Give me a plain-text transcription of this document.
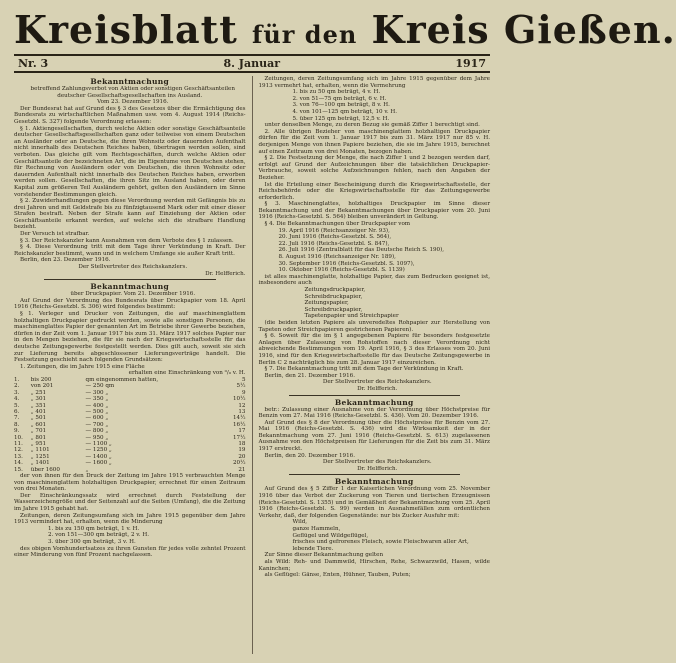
Kreisblatt für den Kreis Gießen.
Nr. 3	8. Januar	1917
Bekanntmachung

betreffend Zahlungsverbot von Aktien oder sonstigen Geschäftsanteilen deutscher Gesellschaftsgesellschaften ins Ausland.

Vom 23. Dezember 1916.

Der Bundesrat hat auf Grund des § 3 des Gesetzes über die Ermächtigung des Bundesrats zu wirtschaftlichen Maßnahmen usw. vom 4. August 1914 (Reichs-Gesetzbl. S. 327) folgende Verordnung erlassen:

§ 1. Aktiengesellschaften, durch welche Aktien oder sonstige Geschäftsanteile deutscher Gesellschaftsgesellschaften ganz oder teilweise von einem Deutschen an Ausländer oder an Deutsche, die ihren Wohnsitz oder dauernden Aufenthalt nicht innerhalb des Deutschen Reiches haben, übertragen werden sollen, sind verboten. Das gleiche gilt vom Rechtsgeschäften, durch welche Aktien oder Geschäftsanteile der bezeichneten Art, die im Eigentume von Deutschen stehen, für Rechnung von Ausländern oder von Deutschen, die ihren Wohnsitz oder dauernden Aufenthalt nicht innerhalb des Deutschen Reiches haben, erworben werden sollen. Gesellschaften, die ihren Sitz im Ausland haben, oder deren Kapital zum größeren Teil Ausländern gehört, gelten den Ausländern im Sinne vorstehender Bestimmungen gleich.

§ 2. Zuwiderhandlungen gegen diese Verordnung werden mit Gefängnis bis zu drei Jahren und mit Geldstrafe bis zu fünfzigtausend Mark oder mit einer dieser Strafen bestraft. Neben der Strafe kann auf Einziehung der Aktien oder Geschäftsanteile erkannt werden, auf welche sich die strafbare Handlung bezieht.

Der Versuch ist strafbar.

§ 3. Der Reichskanzler kann Ausnahmen von dem Verbote des § 1 zulassen.

§ 4. Diese Verordnung tritt mit dem Tage ihrer Verkündung in Kraft. Der Reichskanzler bestimmt, wann und in welchem Umfange sie außer Kraft tritt.

Berlin, den 23. Dezember 1916.

Der Stellvertreter des Reichskanzlers.

Dr. Helfferich.

Bekanntmachung

über Druckpapier. Vom 21. Dezember 1916.

Auf Grund der Verordnung des Bundesrats über Druckpapier vom 18. April 1916 (Reichs-Gesetzbl. S. 306) wird folgendes bestimmt:

§ 1. Verleger und Drucker von Zeitungen, die auf maschinenglattem holzhaltigen Druckpapier gedruckt werden, sowie alle sonstigen Personen, die maschinenglattes Papier der genannten Art im Betriebe ihrer Gewerbe beziehen, dürfen in der Zeit vom 1. Januar 1917 bis zum 31. März 1917 solches Papier nur in den Mengen beziehen, die für sie nach der Kriegswirtschaftsstelle für das deutsche Zeitungsgewerbe festgestellt werden. Dies gilt auch, soweit sie sich zur Lieferung bereits abgeschlossener Lieferungsverträge handelt. Die Festsetzung geschieht nach folgenden Grundsätzen:

1. Zeitungen, die im Jahre 1915 eine Fläche

erhalten eine Einschränkung von ⁰/₀ v. H.

1.	bis 200	qm eingenommen hatten,	5
2.	von 201	— 250 qm	5½
3.	„ 251	— 300 „	9
4.	„ 301	— 350 „	10½
5.	„ 351	— 400 „	12
6.	„ 401	— 500 „	13
7.	„ 501	— 600 „	14½
8.	„ 601	— 700 „	16½
9.	„ 701	— 800 „	17
10.	„ 801	— 950 „	17½
11.	„ 951	— 1100 „	18
12.	„ 1101	— 1250 „	19
13.	„ 1251	— 1400 „	20
14.	„ 1401	— 1600 „	20½
15.	über 1600	„	21

der von ihnen für den Druck der Zeitung im Jahre 1915 verbrauchten Menge von maschinenglattem holzhaltigen Druckpapier, errechnet für einen Zeitraum von drei Monaten.

Der Einschränkungssatz wird errechnet durch Feststellung der Wasserzeichengröße und der Seitenzahl auf die Seiten (Umfang), die die Zeitung im Jahre 1915 gehabt hat.

Zeitungen, deren Zeitungsumfang sich im Jahre 1915 gegenüber dem Jahre 1913 vermindert hat, erhalten, wenn die Minderung

1. bis zu 150 qm beträgt, 1 v. H.

2. von 151—300 qm beträgt, 2 v. H.

3. über 300 qm beträgt, 3 v. H.

des obigen Vomhundertsatzes zu ihren Gunsten für jedes volle zehntel Prozent einer Minderung von fünf Prozent nachgelassen.

Zeitungen, deren Zeitungsumfang sich im Jahre 1915 gegenüber dem Jahre 1913 vermehrt hat, erhalten, wenn die Vermehrung

1. bis zu 50 qm beträgt, 4 v. H.

2. von 51—75 qm beträgt, 6 v. H.

3. von 76—100 qm beträgt, 8 v. H.

4. von 101—125 qm beträgt, 10 v. H.

5. über 125 qm beträgt, 12,5 v. H.

unter denselben Menge, zu deren Bezug sie gemäß Ziffer 1 berechtigt sind.

2. Alle übrigen Bezieher von maschinenglattem holzhaltigen Druckpapier dürfen für die Zeit vom 1. Januar 1917 bis zum 31. März 1917 nur 85 v. H. derjenigen Menge von ihnen Papiere beziehen, die sie im Jahre 1915, berechnet auf einen Zeitraum von drei Monaten, bezogen haben.

§ 2. Die Festsetzung der Menge, die nach Ziffer 1 und 2 bezogen werden darf, erfolgt auf Grund der Aufzeichnungen über die tatsächlichen Druckpapier-Verbrauche, soweit solche Aufzeichnungen fehlen, nach den Angaben der Bezieher.

Ist die Erteilung einer Bescheinigung durch die Kriegswirtschaftsstelle, der Reichsbehörde oder die Kriegswirtschaftsstelle für das Zeitungsgewerbe erforderlich.

§ 3. Maschinenglattes, holzhaltiges Druckpapier im Sinne dieser Bekanntmachung und der Bekanntmachungen über Druckpapier vom 20. Juni 1916 (Reichs-Gesetzbl. S. 564) bleiben unverändert in Geltung.

§ 4. Die Bekanntmachungen über Druckpapier vom

19. April 1916 (Reichsanzeiger Nr. 93),

20. Juni 1916 (Reichs-Gesetzbl. S. 564),

22. Juli 1916 (Reichs-Gesetzbl. S. 847),

26. Juli 1916 (Zentralblatt für das Deutsche Reich S. 190),

8. August 1916 (Reichsanzeiger Nr. 189),

30. September 1916 (Reichs-Gesetzbl. S. 1097),

10. Oktober 1916 (Reichs-Gesetzbl. S. 1139)

ist alles maschinenglatte, holzhaltige Papier, das zum Bedrucken geeignet ist, insbesondere auch

Zeitungsdruckpapier,

Schreibdruckpapier,

Zeitungspapier,

Schreibdruckpapier,

Tapetenpapier und Streichpapier

(die beiden letzten Papiere als unveredeltes Rohpapier zur Herstellung von Tapeten oder Streichpapieren gestrichenen Papieren).

§ 6. Soweit für die im § 1 angegebenen Papiere für besonders festgesetzte Anlagen über Zulassung von Rohstoffen nach dieser Verordnung nicht abweichende Bestimmungen vom 19. April 1916, § 3 des Erlasses vom 20. Juni 1916, sind für den Kriegswirtschaftsstelle für das Deutsche Zeitungsgewerbe in Berlin C 2 nachträglich bis zum 28. Januar 1917 einzureichen.

§ 7. Die Bekanntmachung tritt mit dem Tage der Verkündung in Kraft.

Berlin, den 21. Dezember 1916.

Der Stellvertreter des Reichskanzlers.

Dr. Helfferich.

Bekanntmachung

betr.: Zulassung einer Ausnahme von der Verordnung über Höchstpreise für Benzin vom 27. Mai 1916 (Reichs-Gesetzbl. S. 436). Vom 20. Dezember 1916.

Auf Grund des § 8 der Verordnung über die Höchstpreise für Benzin vom 27. Mai 1916 (Reichs-Gesetzbl. S. 436) wird die Wirksamkeit der in der Bekanntmachung vom 27. Juni 1916 (Reichs-Gesetzbl. S. 613) zugelassenen Ausnahme von den Höchstpreisen für Lieferungen für die Zeit bis zum 31. März 1917 erstreckt.

Berlin, den 20. Dezember 1916.

Der Stellvertreter des Reichskanzlers.

Dr. Helfferich.

Bekanntmachung

Auf Grund des § 5 Ziffer 1 der Kaiserlichen Verordnung vom 25. November 1916 über das Verbot der Zuckerung von Tieren und tierischen Erzeugnissen (Reichs-Gesetzbl. S. 1355) und in Gemäßheit der Bekanntmachung vom 25. April 1916 (Reichs-Gesetzbl. S. 99) werden in Ausnahmefällen zum ordentlichen Verkehr, daß, der folgenden Gegenstände: nur bis Zucker Ausfuhr mit:

Wild,

ganze Hammeln,

Geflügel und Wildgeflügel,

frisches und gefrorenes Fleisch, sowie Fleischwaren aller Art,

lebende Tiere.

Zur Sinne dieser Bekanntmachung gelten

als Wild: Reh- und Dammwild, Hirschen, Rehe, Schwarzwild, Hasen, wilde Kaninchen;

als Geflügel: Gänse, Enten, Hühner, Tauben, Puten;
